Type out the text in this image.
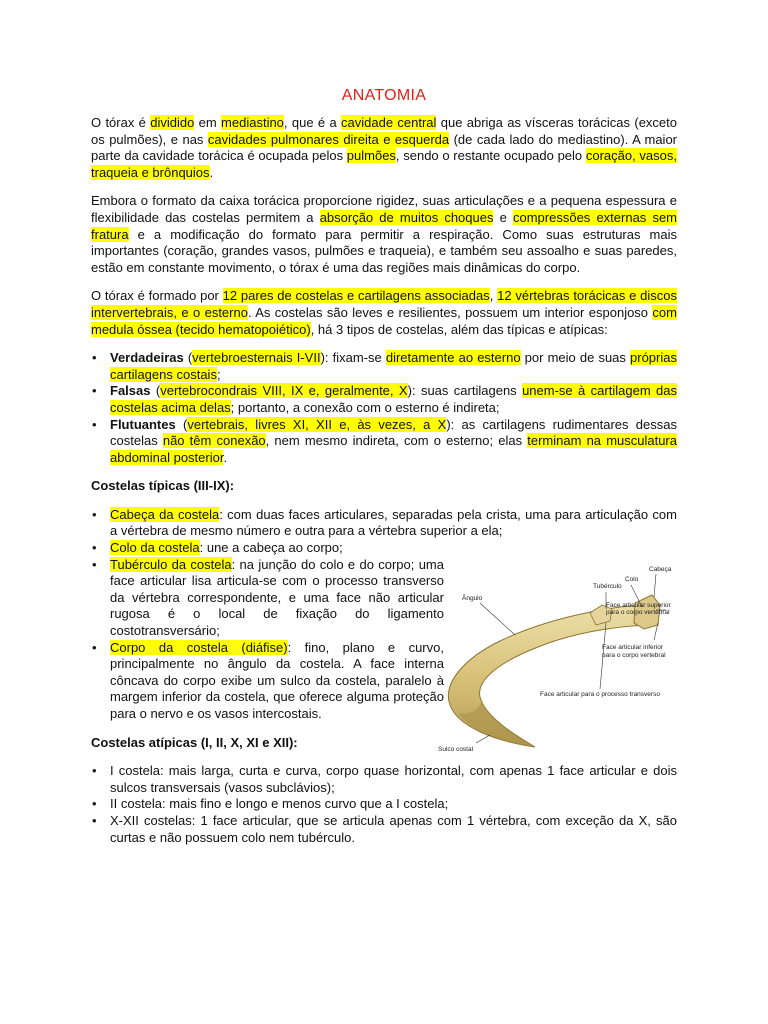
ANATOMIA

O tórax é dividido em mediastino, que é a cavidade central que abriga as vísceras torácicas (exceto os pulmões), e nas cavidades pulmonares direita e esquerda (de cada lado do mediastino). A maior parte da cavidade torácica é ocupada pelos pulmões, sendo o restante ocupado pelo coração, vasos, traqueia e brônquios.

Embora o formato da caixa torácica proporcione rigidez, suas articulações e a pequena espessura e flexibilidade das costelas permitem a absorção de muitos choques e compressões externas sem fratura e a modificação do formato para permitir a respiração. Como suas estruturas mais importantes (coração, grandes vasos, pulmões e traqueia), e também seu assoalho e suas paredes, estão em constante movimento, o tórax é uma das regiões mais dinâmicas do corpo.

O tórax é formado por 12 pares de costelas e cartilagens associadas, 12 vértebras torácicas e discos intervertebrais, e o esterno. As costelas são leves e resilientes, possuem um interior esponjoso com medula óssea (tecido hematopoiético), há 3 tipos de costelas, além das típicas e atípicas:

• Verdadeiras (vertebroesternais I-VII): fixam-se diretamente ao esterno por meio de suas próprias cartilagens costais;
• Falsas (vertebrocondrais VIII, IX e, geralmente, X): suas cartilagens unem-se à cartilagem das costelas acima delas; portanto, a conexão com o esterno é indireta;
• Flutuantes (vertebrais, livres XI, XII e, às vezes, a X): as cartilagens rudimentares dessas costelas não têm conexão, nem mesmo indireta, com o esterno; elas terminam na musculatura abdominal posterior.

Costelas típicas (III-IX):

• Cabeça da costela: com duas faces articulares, separadas pela crista, uma para articulação com a vértebra de mesmo número e outra para a vértebra superior a ela;
• Colo da costela: une a cabeça ao corpo;
• Tubérculo da costela: na junção do colo e do corpo; uma face articular lisa articula-se com o processo transverso da vértebra correspondente, e uma face não articular rugosa é o local de fixação do ligamento costotransversário;
• Corpo da costela (diáfise): fino, plano e curvo, principalmente no ângulo da costela. A face interna côncava do corpo exibe um sulco da costela, paralelo à margem inferior da costela, que oferece alguma proteção para o nervo e os vasos intercostais.

Costelas atípicas (I, II, X, XI e XII):

• I costela: mais larga, curta e curva, corpo quase horizontal, com apenas 1 face articular e dois sulcos transversais (vasos subclávios);
• II costela: mais fino e longo e menos curvo que a I costela;
• X-XII costelas: 1 face articular, que se articula apenas com 1 vértebra, com exceção da X, são curtas e não possuem colo nem tubérculo.
Tubérculo
Colo
Cabeça
Ângulo
Face articular superior
para o corpo vertebral
Face articular inferior
para o corpo vertebral
Face articular para o processo transverso
Sulco costal
